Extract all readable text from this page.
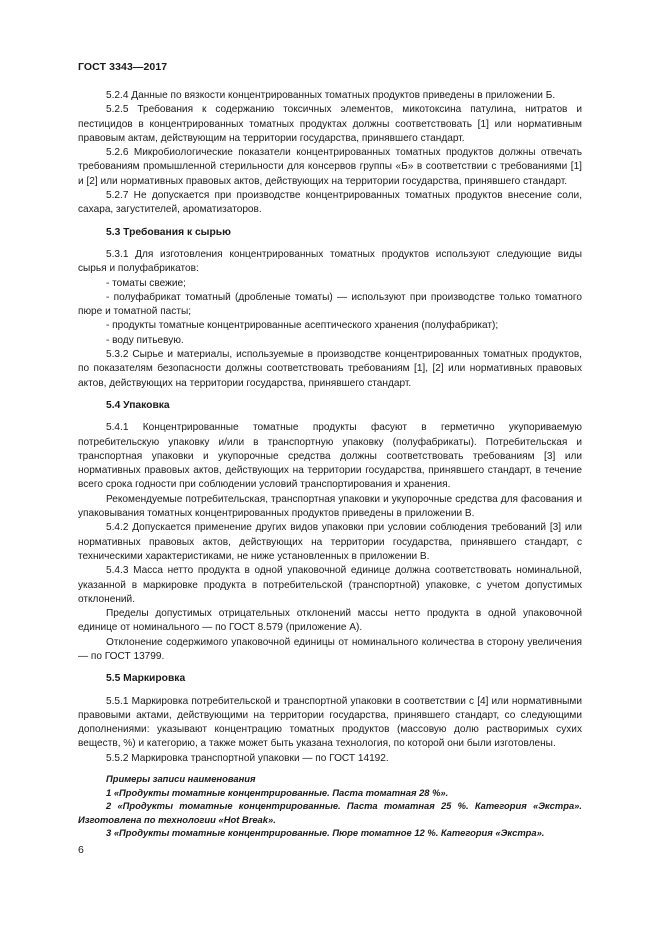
ГОСТ 3343—2017

5.2.4 Данные по вязкости концентрированных томатных продуктов приведены в приложении Б.

5.2.5 Требования к содержанию токсичных элементов, микотоксина патулина, нитратов и пестицидов в концентрированных томатных продуктах должны соответствовать [1] или нормативным правовым актам, действующим на территории государства, принявшего стандарт.

5.2.6 Микробиологические показатели концентрированных томатных продуктов должны отвечать требованиям промышленной стерильности для консервов группы «Б» в соответствии с требованиями [1] и [2] или нормативных правовых актов, действующих на территории государства, принявшего стандарт.

5.2.7 Не допускается при производстве концентрированных томатных продуктов внесение соли, сахара, загустителей, ароматизаторов.

5.3 Требования к сырью

5.3.1 Для изготовления концентрированных томатных продуктов используют следующие виды сырья и полуфабрикатов:

- томаты свежие;

- полуфабрикат томатный (дробленые томаты) — используют при производстве только томатного пюре и томатной пасты;

- продукты томатные концентрированные асептического хранения (полуфабрикат);

- воду питьевую.

5.3.2 Сырье и материалы, используемые в производстве концентрированных томатных продуктов, по показателям безопасности должны соответствовать требованиям [1], [2] или нормативных правовых актов, действующих на территории государства, принявшего стандарт.

5.4 Упаковка

5.4.1 Концентрированные томатные продукты фасуют в герметично укупориваемую потребительскую упаковку и/или в транспортную упаковку (полуфабрикаты). Потребительская и транспортная упаковки и укупорочные средства должны соответствовать требованиям [3] или нормативных правовых актов, действующих на территории государства, принявшего стандарт, в течение всего срока годности при соблюдении условий транспортирования и хранения.

Рекомендуемые потребительская, транспортная упаковки и укупорочные средства для фасования и упаковывания томатных концентрированных продуктов приведены в приложении В.

5.4.2 Допускается применение других видов упаковки при условии соблюдения требований [3] или нормативных правовых актов, действующих на территории государства, принявшего стандарт, с техническими характеристиками, не ниже установленных в приложении В.

5.4.3 Масса нетто продукта в одной упаковочной единице должна соответствовать номинальной, указанной в маркировке продукта в потребительской (транспортной) упаковке, с учетом допустимых отклонений.

Пределы допустимых отрицательных отклонений массы нетто продукта в одной упаковочной единице от номинального — по ГОСТ 8.579 (приложение А).

Отклонение содержимого упаковочной единицы от номинального количества в сторону увеличения — по ГОСТ 13799.

5.5 Маркировка

5.5.1 Маркировка потребительской и транспортной упаковки в соответствии с [4] или нормативными правовыми актами, действующими на территории государства, принявшего стандарт, со следующими дополнениями: указывают концентрацию томатных продуктов (массовую долю растворимых сухих веществ, %) и категорию, а также может быть указана технология, по которой они были изготовлены.

5.5.2 Маркировка транспортной упаковки — по ГОСТ 14192.

Примеры записи наименования

1 «Продукты томатные концентрированные. Паста томатная 28 %».

2 «Продукты томатные концентрированные. Паста томатная 25 %. Категория «Экстра». Изготовлена по технологии «Hot Break».

3 «Продукты томатные концентрированные. Пюре томатное 12 %. Категория «Экстра».

6
